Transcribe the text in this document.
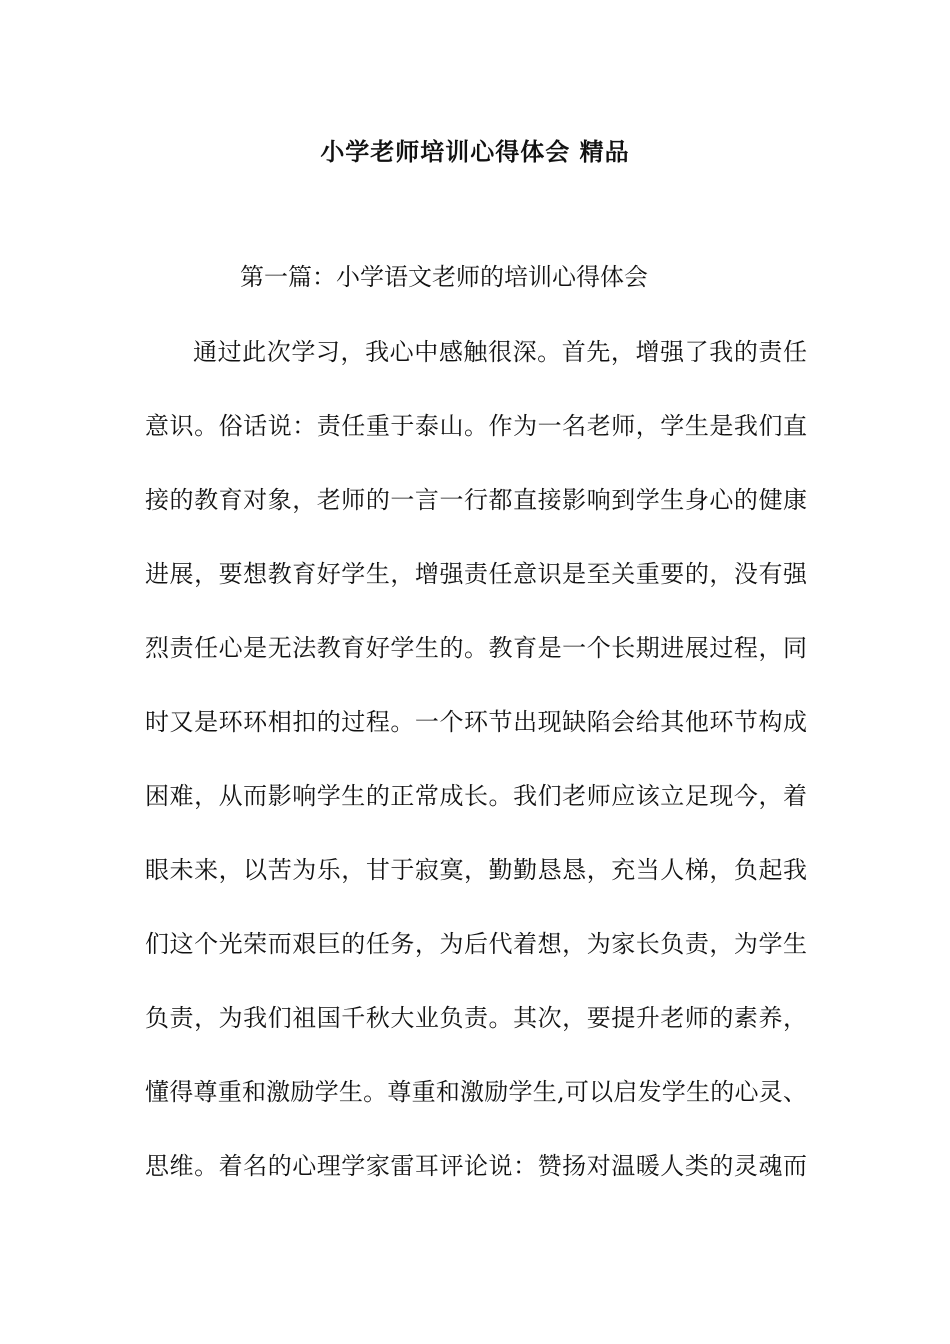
小学老师培训心得体会 精品
第一篇：小学语文老师的培训心得体会
通过此次学习，我心中感触很深。首先，增强了我的责任
意识。俗话说：责任重于泰山。作为一名老师，学生是我们直
接的教育对象，老师的一言一行都直接影响到学生身心的健康
进展，要想教育好学生，增强责任意识是至关重要的，没有强
烈责任心是无法教育好学生的。教育是一个长期进展过程，同
时又是环环相扣的过程。一个环节出现缺陷会给其他环节构成
困难，从而影响学生的正常成长。我们老师应该立足现今，着
眼未来，以苦为乐，甘于寂寞，勤勤恳恳，充当人梯，负起我
们这个光荣而艰巨的任务，为后代着想，为家长负责，为学生
负责，为我们祖国千秋大业负责。其次，要提升老师的素养，
懂得尊重和激励学生。尊重和激励学生,可以启发学生的心灵、
思维。着名的心理学家雷耳评论说：赞扬对温暖人类的灵魂而
